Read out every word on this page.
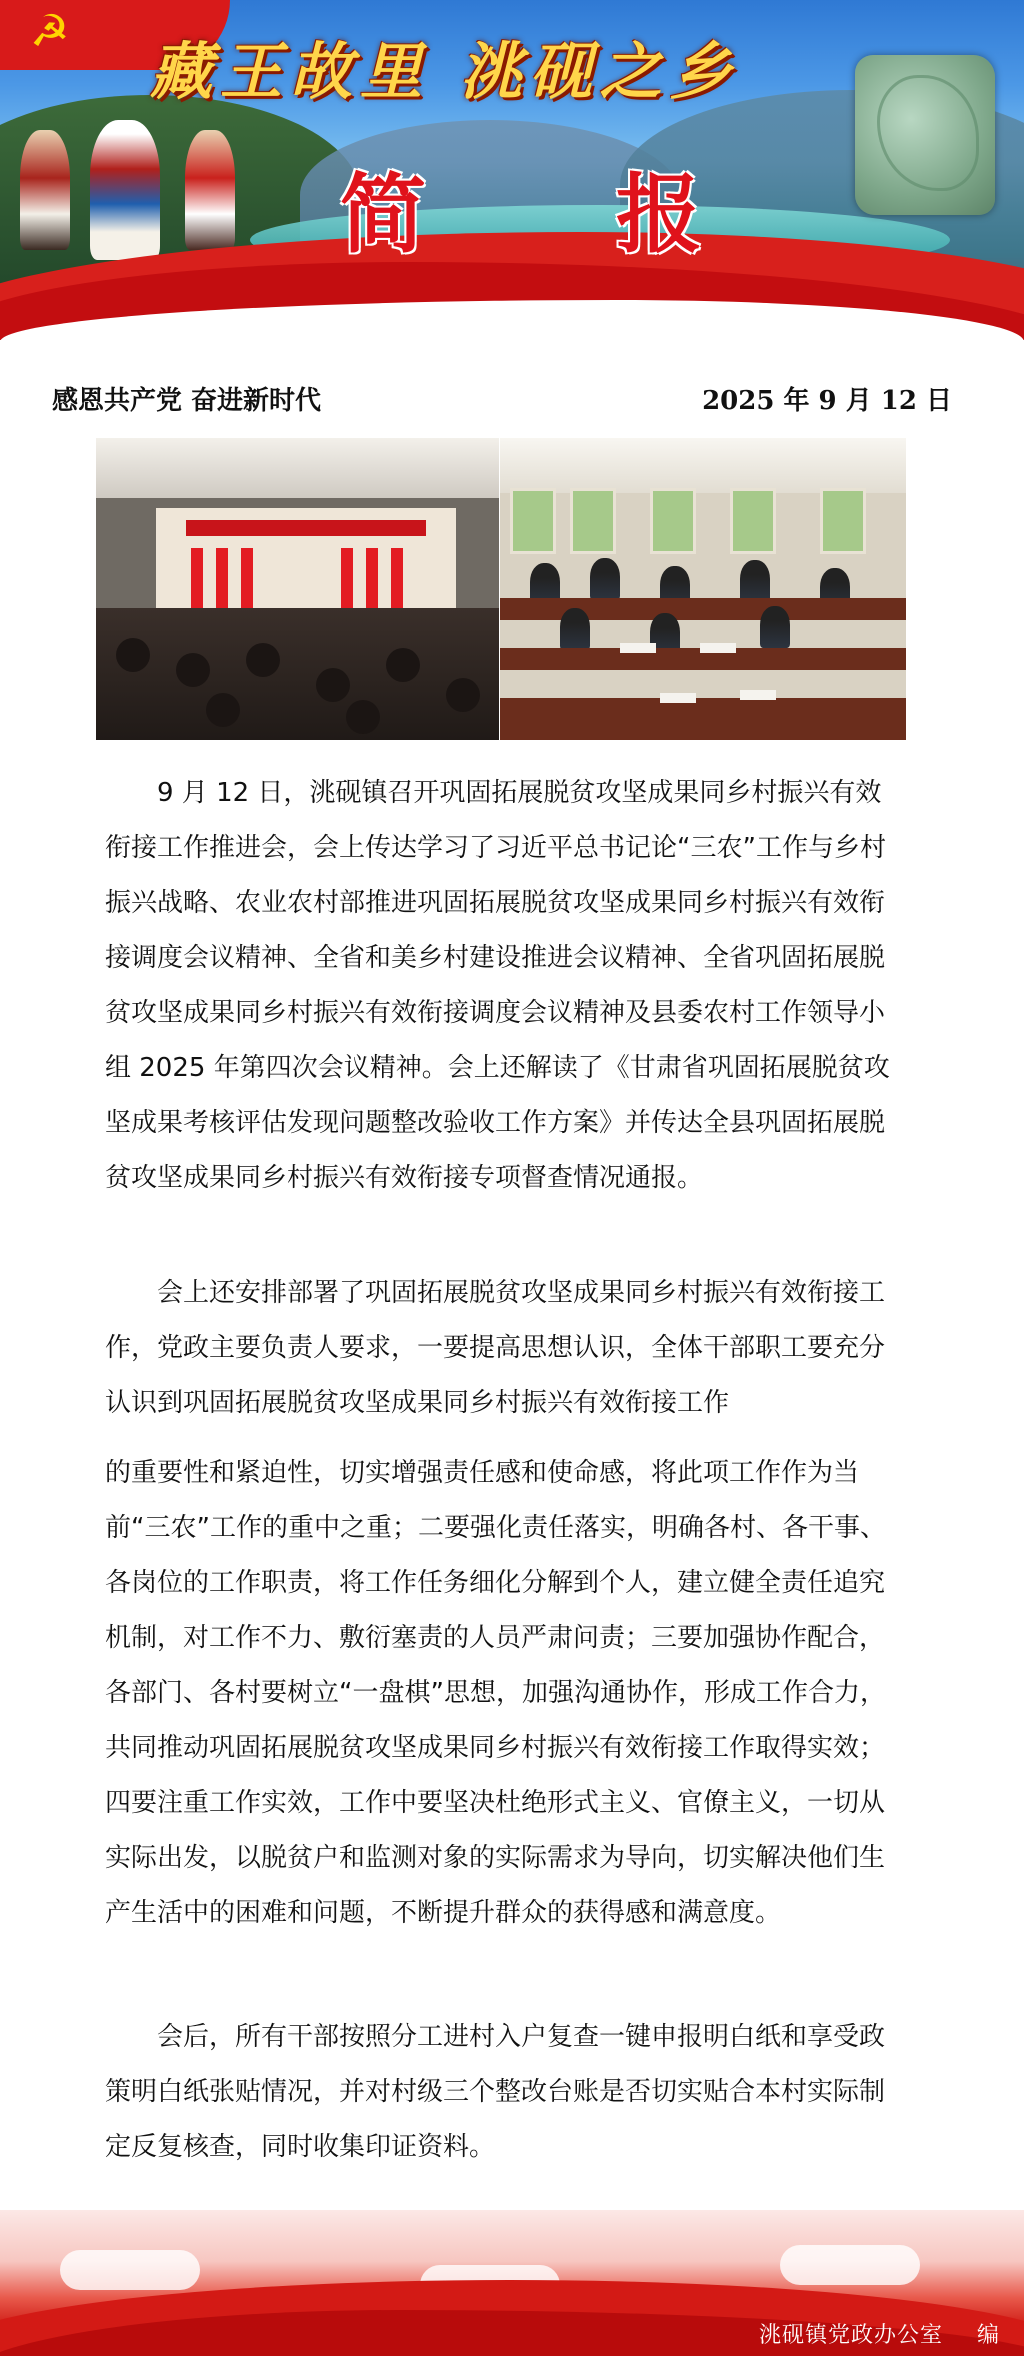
☭
藏王故里 洮砚之乡
简 报
感恩共产党 奋进新时代	2025 年 9 月 12 日

9 月 12 日，洮砚镇召开巩固拓展脱贫攻坚成果同乡村振兴有效衔接工作推进会，会上传达学习了习近平总书记论“三农”工作与乡村振兴战略、农业农村部推进巩固拓展脱贫攻坚成果同乡村振兴有效衔接调度会议精神、全省和美乡村建设推进会议精神、全省巩固拓展脱贫攻坚成果同乡村振兴有效衔接调度会议精神及县委农村工作领导小组 2025 年第四次会议精神。会上还解读了《甘肃省巩固拓展脱贫攻坚成果考核评估发现问题整改验收工作方案》并传达全县巩固拓展脱贫攻坚成果同乡村振兴有效衔接专项督查情况通报。

会上还安排部署了巩固拓展脱贫攻坚成果同乡村振兴有效衔接工作，党政主要负责人要求，一要提高思想认识，全体干部职工要充分认识到巩固拓展脱贫攻坚成果同乡村振兴有效衔接工作

的重要性和紧迫性，切实增强责任感和使命感，将此项工作作为当前“三农”工作的重中之重；二要强化责任落实，明确各村、各干事、各岗位的工作职责，将工作任务细化分解到个人，建立健全责任追究机制，对工作不力、敷衍塞责的人员严肃问责；三要加强协作配合，各部门、各村要树立“一盘棋”思想，加强沟通协作，形成工作合力，共同推动巩固拓展脱贫攻坚成果同乡村振兴有效衔接工作取得实效；四要注重工作实效，工作中要坚决杜绝形式主义、官僚主义，一切从实际出发，以脱贫户和监测对象的实际需求为导向，切实解决他们生产生活中的困难和问题，不断提升群众的获得感和满意度。

会后，所有干部按照分工进村入户复查一键申报明白纸和享受政策明白纸张贴情况，并对村级三个整改台账是否切实贴合本村实际制定反复核查，同时收集印证资料。

洮砚镇党政办公室 编
